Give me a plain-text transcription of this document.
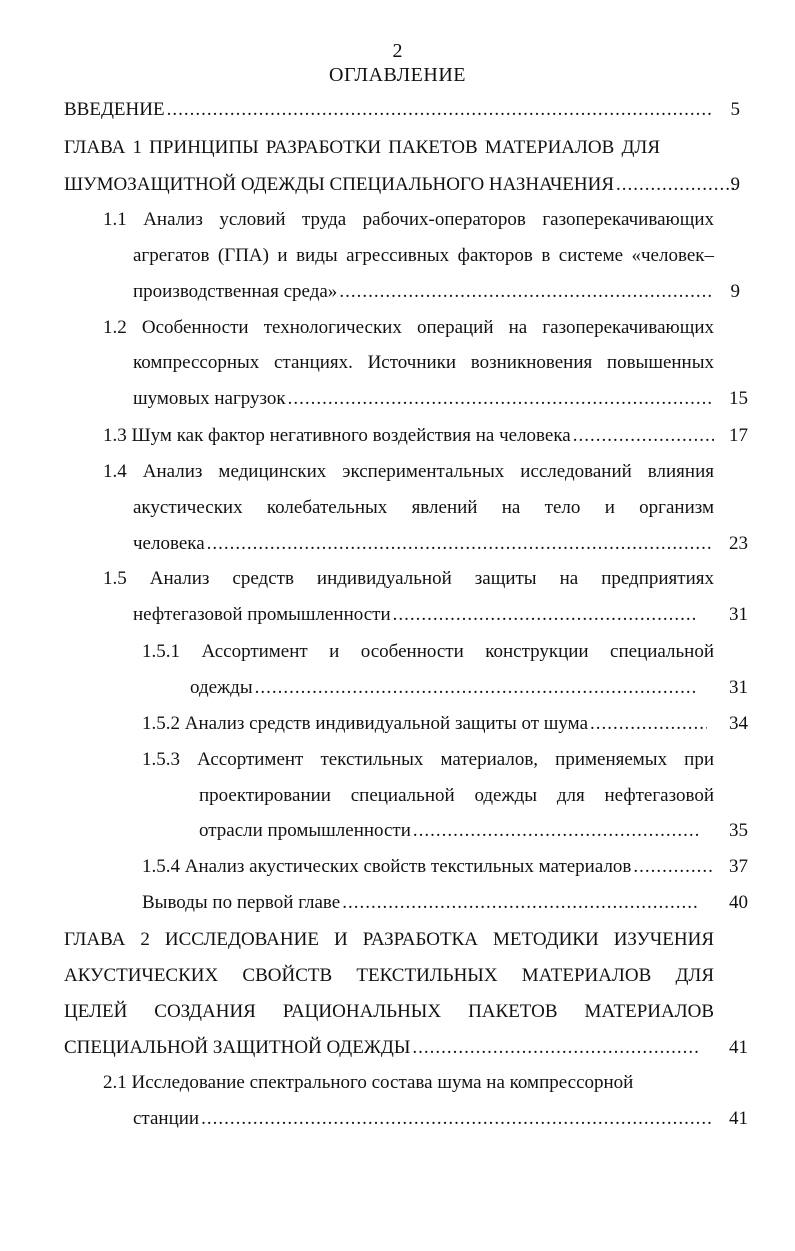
2
ОГЛАВЛЕНИЕ
ВВЕДЕНИЕ .....	5
ГЛАВА 1 ПРИНЦИПЫ РАЗРАБОТКИ ПАКЕТОВ МАТЕРИАЛОВ ДЛЯ
ШУМОЗАЩИТНОЙ ОДЕЖДЫ СПЕЦИАЛЬНОГО НАЗНАЧЕНИЯ .....	9
1.1 Анализ условий труда рабочих-операторов газоперекачивающих
агрегатов (ГПА) и виды агрессивных факторов в системе «человек–
производственная среда» .....	9
1.2 Особенности технологических операций на газоперекачивающих
компрессорных станциях. Источники возникновения повышенных
шумовых нагрузок .....	15
1.3 Шум как фактор негативного воздействия на человека .....	17
1.4 Анализ медицинских экспериментальных исследований влияния
акустических колебательных явлений на тело и организм
человека .....	23
1.5 Анализ средств индивидуальной защиты на предприятиях
нефтегазовой промышленности .....	31
1.5.1 Ассортимент и особенности конструкции специальной
одежды .....	31
1.5.2 Анализ средств индивидуальной защиты от шума .....	34
1.5.3 Ассортимент текстильных материалов, применяемых при
проектировании специальной одежды для нефтегазовой
отрасли промышленности .....	35
1.5.4 Анализ акустических свойств текстильных материалов .....	37
Выводы по первой главе .....	40
ГЛАВА 2 ИССЛЕДОВАНИЕ И РАЗРАБОТКА МЕТОДИКИ ИЗУЧЕНИЯ
АКУСТИЧЕСКИХ СВОЙСТВ ТЕКСТИЛЬНЫХ МАТЕРИАЛОВ ДЛЯ
ЦЕЛЕЙ СОЗДАНИЯ РАЦИОНАЛЬНЫХ ПАКЕТОВ МАТЕРИАЛОВ
СПЕЦИАЛЬНОЙ ЗАЩИТНОЙ ОДЕЖДЫ .....	41
2.1 Исследование спектрального состава шума на компрессорной
станции .....	41
